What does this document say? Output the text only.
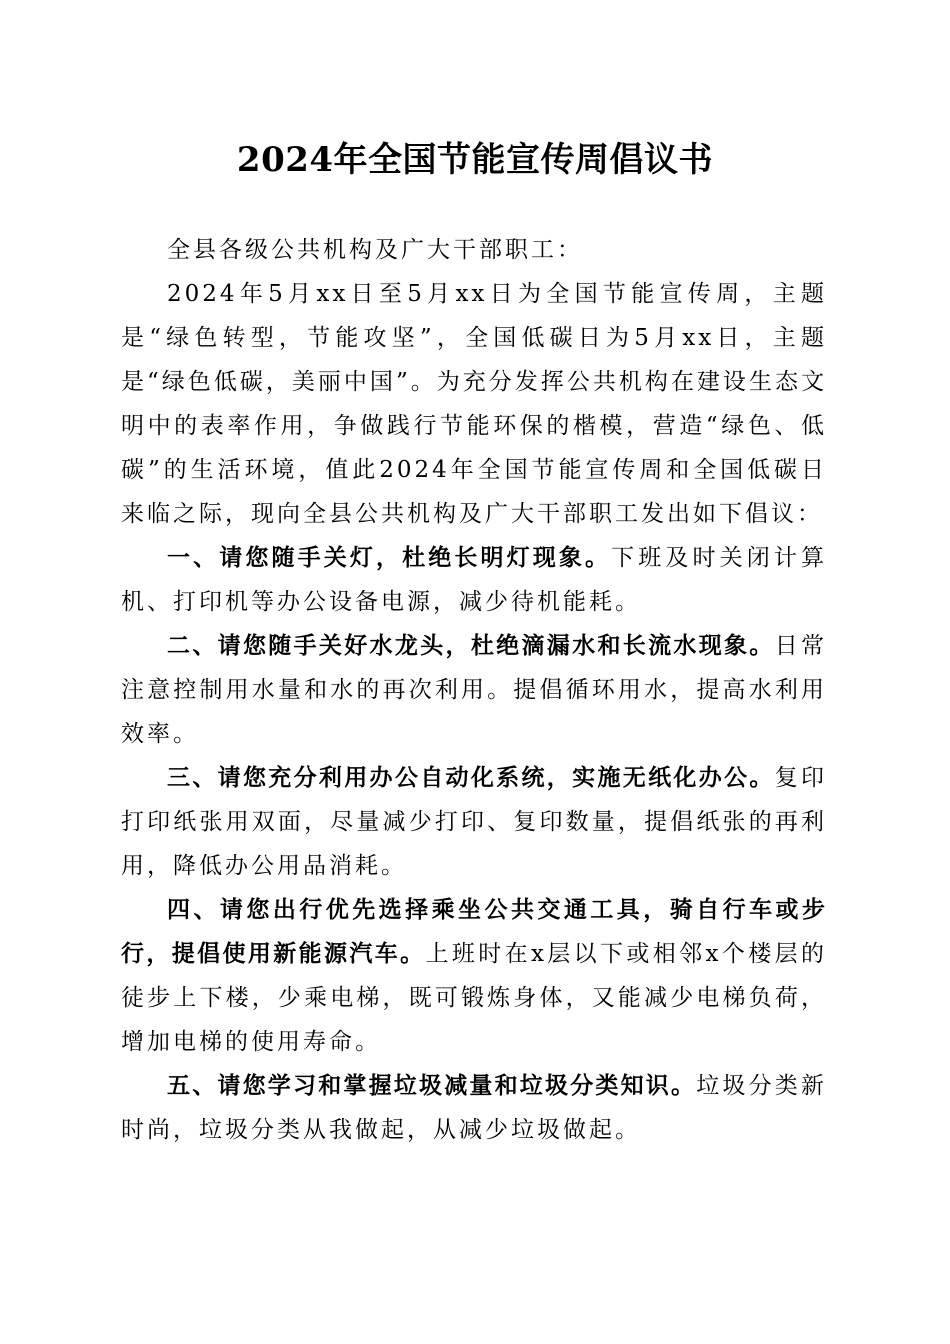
2024年全国节能宣传周倡议书

全县各级公共机构及广大干部职工：

2024年5月xx日至5月xx日为全国节能宣传周，主题是“绿色转型，节能攻坚”，全国低碳日为5月xx日，主题是“绿色低碳，美丽中国”。为充分发挥公共机构在建设生态文明中的表率作用，争做践行节能环保的楷模，营造“绿色、低碳”的生活环境，值此2024年全国节能宣传周和全国低碳日来临之际，现向全县公共机构及广大干部职工发出如下倡议：

一、请您随手关灯，杜绝长明灯现象。下班及时关闭计算机、打印机等办公设备电源，减少待机能耗。

二、请您随手关好水龙头，杜绝滴漏水和长流水现象。日常注意控制用水量和水的再次利用。提倡循环用水，提高水利用效率。

三、请您充分利用办公自动化系统，实施无纸化办公。复印打印纸张用双面，尽量减少打印、复印数量，提倡纸张的再利用，降低办公用品消耗。

四、请您出行优先选择乘坐公共交通工具，骑自行车或步行，提倡使用新能源汽车。上班时在x层以下或相邻x个楼层的徒步上下楼，少乘电梯，既可锻炼身体，又能减少电梯负荷，增加电梯的使用寿命。

五、请您学习和掌握垃圾减量和垃圾分类知识。垃圾分类新时尚，垃圾分类从我做起，从减少垃圾做起。
